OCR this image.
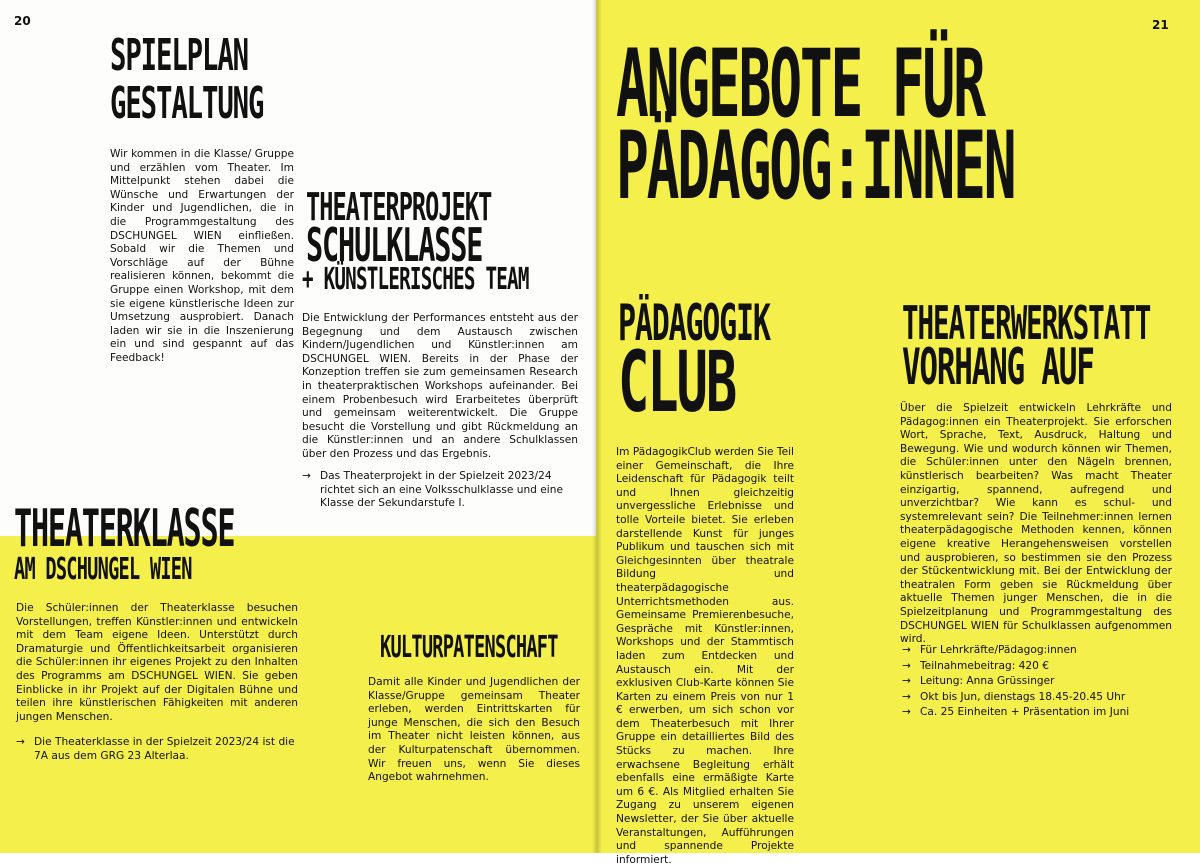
20
SPIELPLAN
GESTALTUNG

Wir kommen in die Klasse/ Gruppe und erzählen vom Theater. Im Mittelpunkt stehen dabei die Wünsche und Erwartungen der Kinder und Jugendlichen, die in die Programmgestaltung des DSCHUNGEL WIEN einfließen. Sobald wir die Themen und Vorschläge auf der Bühne realisieren können, bekommt die Gruppe einen Workshop, mit dem sie eigene künstlerische Ideen zur Umsetzung ausprobiert. Danach laden wir sie in die Inszenierung ein und sind gespannt auf das Feedback!

THEATERPROJEKT
SCHULKLASSE
+ KÜNSTLERISCHES TEAM

Die Entwicklung der Performances entsteht aus der Begegnung und dem Austausch zwischen Kindern/Jugendlichen und Künstler:innen am DSCHUNGEL WIEN. Bereits in der Phase der Konzeption treffen sie zum gemeinsamen Research in theaterpraktischen Workshops aufeinander. Bei einem Probenbesuch wird Erarbeitetes überprüft und gemeinsam weiterentwickelt. Die Gruppe besucht die Vorstellung und gibt Rückmeldung an die Künstler:innen und an andere Schulklassen über den Prozess und das Ergebnis.

→ Das Theaterprojekt in der Spielzeit 2023/24 richtet sich an eine Volksschulklasse und eine Klasse der Sekundarstufe I.
THEATERKLASSE
AM DSCHUNGEL WIEN

Die Schüler:innen der Theaterklasse besuchen Vorstellungen, treffen Künstler:innen und entwickeln mit dem Team eigene Ideen. Unterstützt durch Dramaturgie und Öffentlichkeitsarbeit organisieren die Schüler:innen ihr eigenes Projekt zu den Inhalten des Programms am DSCHUNGEL WIEN. Sie geben Einblicke in ihr Projekt auf der Digitalen Bühne und teilen ihre künstlerischen Fähigkeiten mit anderen jungen Menschen.

→ Die Theaterklasse in der Spielzeit 2023/24 ist die 7A aus dem GRG 23 Alterlaa.
KULTURPATENSCHAFT

Damit alle Kinder und Jugendlichen der Klasse/Gruppe gemeinsam Theater erleben, werden Eintrittskarten für junge Menschen, die sich den Besuch im Theater nicht leisten können, aus der Kulturpatenschaft übernommen. Wir freuen uns, wenn Sie dieses Angebot wahrnehmen.

21
ANGEBOTE FÜR
PÄDAGOG:INNEN
PÄDAGOGIK
CLUB

Im PädagogikClub werden Sie Teil einer Gemeinschaft, die Ihre Leidenschaft für Pädagogik teilt und Ihnen gleichzeitig unvergessliche Erlebnisse und tolle Vorteile bietet. Sie erleben darstellende Kunst für junges Publikum und tauschen sich mit Gleichgesinnten über theatrale Bildung und theaterpädagogische Unterrichtsmethoden aus. Gemeinsame Premierenbesuche, Gespräche mit Künstler:innen, Workshops und der Stammtisch laden zum Entdecken und Austausch ein. Mit der exklusiven Club-Karte können Sie Karten zu einem Preis von nur 1 € erwerben, um sich schon vor dem Theaterbesuch mit Ihrer Gruppe ein detailliertes Bild des Stücks zu machen. Ihre erwachsene Begleitung erhält ebenfalls eine ermäßigte Karte um 6 €. Als Mitglied erhalten Sie Zugang zu unserem eigenen Newsletter, der Sie über aktuelle Veranstaltungen, Aufführungen und spannende Projekte informiert.

THEATERWERKSTATT
VORHANG AUF

Über die Spielzeit entwickeln Lehrkräfte und Pädagog:innen ein Theaterprojekt. Sie erforschen Wort, Sprache, Text, Ausdruck, Haltung und Bewegung. Wie und wodurch können wir Themen, die Schüler:innen unter den Nägeln brennen, künstlerisch bearbeiten? Was macht Theater einzigartig, spannend, aufregend und unverzichtbar? Wie kann es schul- und systemrelevant sein? Die Teilnehmer:innen lernen theaterpädagogische Methoden kennen, können eigene kreative Herangehensweisen vorstellen und ausprobieren, so bestimmen sie den Prozess der Stückentwicklung mit. Bei der Entwicklung der theatralen Form geben sie Rückmeldung über aktuelle Themen junger Menschen, die in die Spielzeitplanung und Programmgestaltung des DSCHUNGEL WIEN für Schulklassen aufgenommen wird.

→ Für Lehrkräfte/Pädagog:innen
→ Teilnahmebeitrag: 420 €
→ Leitung: Anna Grüssinger
→ Okt bis Jun, dienstags 18.45-20.45 Uhr
→ Ca. 25 Einheiten + Präsentation im Juni
